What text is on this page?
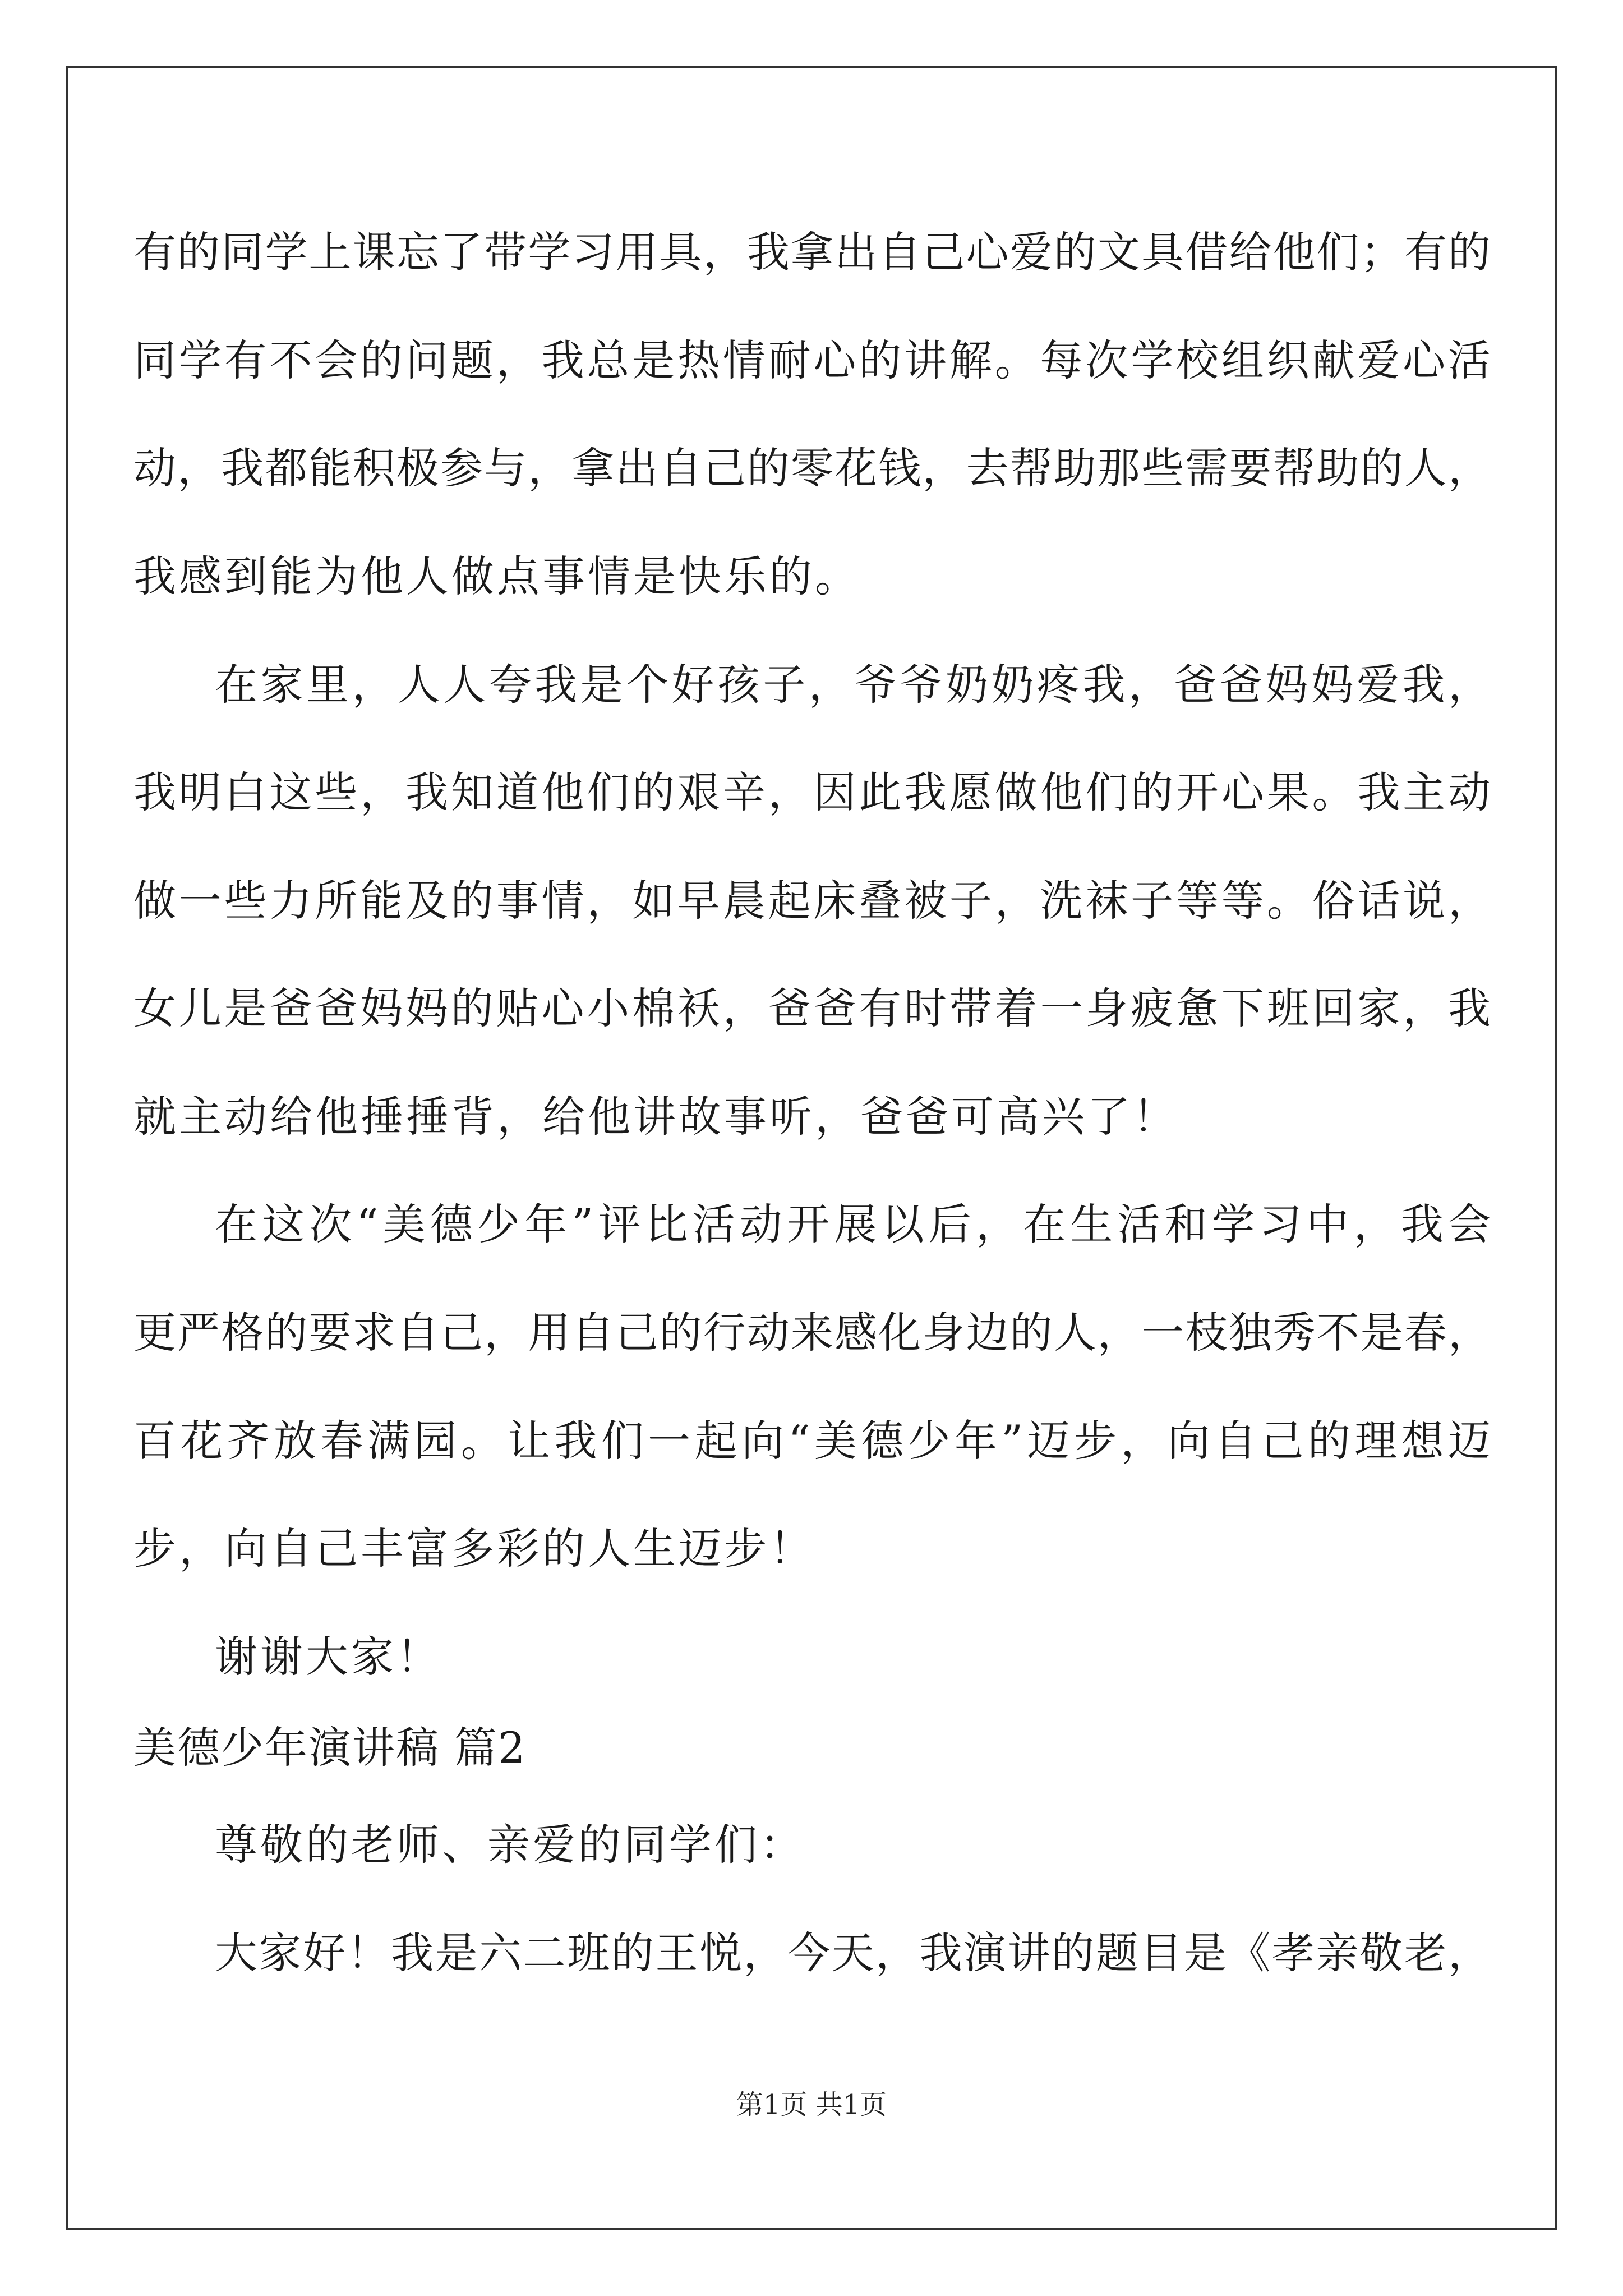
有的同学上课忘了带学习用具，我拿出自己心爱的文具借给他们；有的
同学有不会的问题，我总是热情耐心的讲解。每次学校组织献爱心活
动，我都能积极参与，拿出自己的零花钱，去帮助那些需要帮助的人，
我感到能为他人做点事情是快乐的。
在家里，人人夸我是个好孩子，爷爷奶奶疼我，爸爸妈妈爱我，
我明白这些，我知道他们的艰辛，因此我愿做他们的开心果。我主动
做一些力所能及的事情，如早晨起床叠被子，洗袜子等等。俗话说，
女儿是爸爸妈妈的贴心小棉袄，爸爸有时带着一身疲惫下班回家，我
就主动给他捶捶背，给他讲故事听，爸爸可高兴了！
在这次“美德少年”评比活动开展以后，在生活和学习中，我会
更严格的要求自己，用自己的行动来感化身边的人，一枝独秀不是春，
百花齐放春满园。让我们一起向“美德少年”迈步，向自己的理想迈
步，向自己丰富多彩的人生迈步！
谢谢大家！
美德少年演讲稿 篇2
尊敬的老师、亲爱的同学们：
大家好！我是六二班的王悦，今天，我演讲的题目是《孝亲敬老，
第1页 共1页
